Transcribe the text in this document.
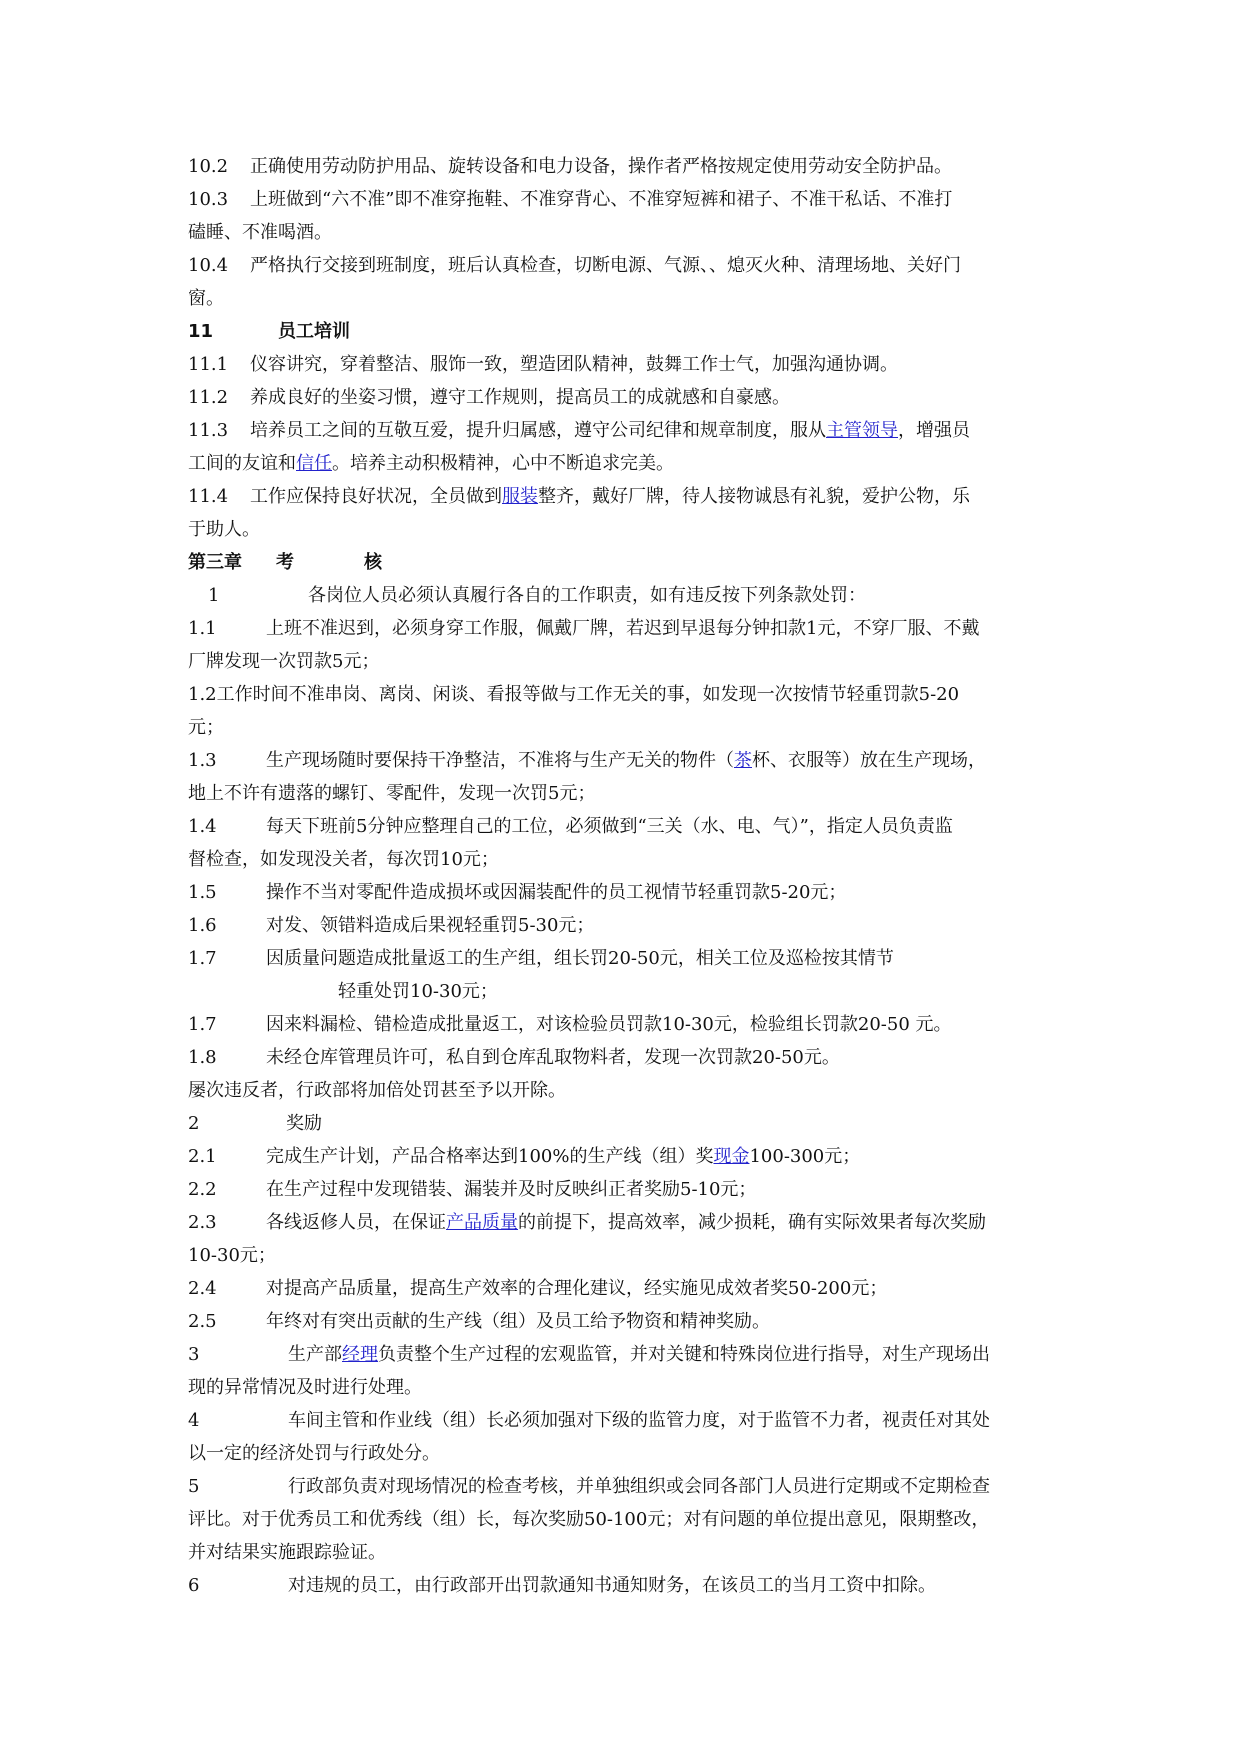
10.2 正确使用劳动防护用品、旋转设备和电力设备，操作者严格按规定使用劳动安全防护品。
10.3 上班做到“六不准”即不准穿拖鞋、不准穿背心、不准穿短裤和裙子、不准干私话、不准打
磕睡、不准喝酒。
10.4 严格执行交接到班制度，班后认真检查，切断电源、气源、、熄灭火种、清理场地、关好门
窗。
11	员工培训
11.1 仪容讲究，穿着整洁、服饰一致，塑造团队精神，鼓舞工作士气，加强沟通协调。
11.2 养成良好的坐姿习惯，遵守工作规则，提高员工的成就感和自豪感。
11.3 培养员工之间的互敬互爱，提升归属感，遵守公司纪律和规章制度，服从主管领导，增强员
工间的友谊和信任。培养主动积极精神，心中不断追求完美。
11.4 工作应保持良好状况，全员做到服装整齐，戴好厂牌，待人接物诚恳有礼貌，爱护公物，乐
于助人。
第三章 考	核
1	各岗位人员必须认真履行各自的工作职责，如有违反按下列条款处罚：
1.1	上班不准迟到，必须身穿工作服，佩戴厂牌，若迟到早退每分钟扣款1元，不穿厂服、不戴
厂牌发现一次罚款5元；
1.2工作时间不准串岗、离岗、闲谈、看报等做与工作无关的事，如发现一次按情节轻重罚款5-20
元；
1.3	生产现场随时要保持干净整洁，不准将与生产无关的物件（茶杯、衣服等）放在生产现场，
地上不许有遗落的螺钉、零配件，发现一次罚5元；
1.4	每天下班前5分钟应整理自己的工位，必须做到“三关（水、电、气）”，指定人员负责监
督检查，如发现没关者，每次罚10元；
1.5	操作不当对零配件造成损坏或因漏装配件的员工视情节轻重罚款5-20元；
1.6	对发、领错料造成后果视轻重罚5-30元；
1.7	因质量问题造成批量返工的生产组，组长罚20-50元，相关工位及巡检按其情节
轻重处罚10-30元；
1.7	因来料漏检、错检造成批量返工，对该检验员罚款10-30元，检验组长罚款20-50 元。
1.8	未经仓库管理员许可，私自到仓库乱取物料者，发现一次罚款20-50元。
屡次违反者，行政部将加倍处罚甚至予以开除。
2	奖励
2.1	完成生产计划，产品合格率达到100%的生产线（组）奖现金100-300元；
2.2	在生产过程中发现错装、漏装并及时反映纠正者奖励5-10元；
2.3	各线返修人员，在保证产品质量的前提下，提高效率，减少损耗，确有实际效果者每次奖励
10-30元；
2.4	对提高产品质量，提高生产效率的合理化建议，经实施见成效者奖50-200元；
2.5	年终对有突出贡献的生产线（组）及员工给予物资和精神奖励。
3	生产部经理负责整个生产过程的宏观监管，并对关键和特殊岗位进行指导，对生产现场出
现的异常情况及时进行处理。
4	车间主管和作业线（组）长必须加强对下级的监管力度，对于监管不力者，视责任对其处
以一定的经济处罚与行政处分。
5	行政部负责对现场情况的检查考核，并单独组织或会同各部门人员进行定期或不定期检查
评比。对于优秀员工和优秀线（组）长，每次奖励50-100元；对有问题的单位提出意见，限期整改，
并对结果实施跟踪验证。
6	对违规的员工，由行政部开出罚款通知书通知财务，在该员工的当月工资中扣除。
